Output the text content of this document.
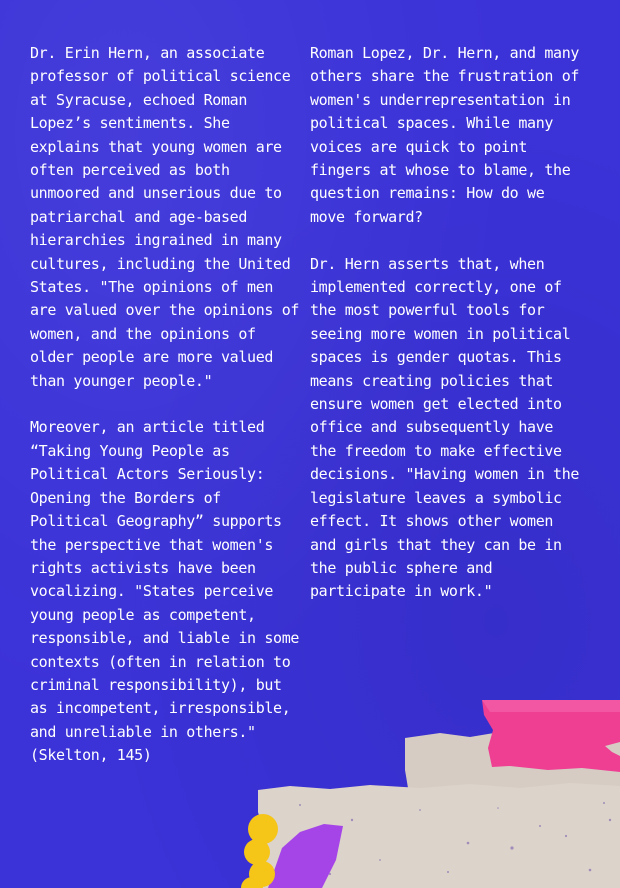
Dr. Erin Hern, an associate professor of political science at Syracuse, echoed Roman Lopez’s sentiments. She explains that young women are often perceived as both unmoored and unserious due to patriarchal and age-based hierarchies ingrained in many cultures, including the United States. "The opinions of men are valued over the opinions of women, and the opinions of older people are more valued than younger people."

Moreover, an article titled “Taking Young People as Political Actors Seriously: Opening the Borders of Political Geography” supports the perspective that women's rights activists have been vocalizing. "States perceive young people as competent, responsible, and liable in some contexts (often in relation to criminal responsibility), but as incompetent, irresponsible, and unreliable in others." (Skelton, 145)

Roman Lopez, Dr. Hern, and many others share the frustration of women's underrepresentation in political spaces. While many voices are quick to point fingers at whose to blame, the question remains: How do we move forward?

Dr. Hern asserts that, when implemented correctly, one of the most powerful tools for seeing more women in political spaces is gender quotas. This means creating policies that ensure women get elected into office and subsequently have the freedom to make effective decisions. "Having women in the legislature leaves a symbolic effect. It shows other women and girls that they can be in the public sphere and participate in work."
